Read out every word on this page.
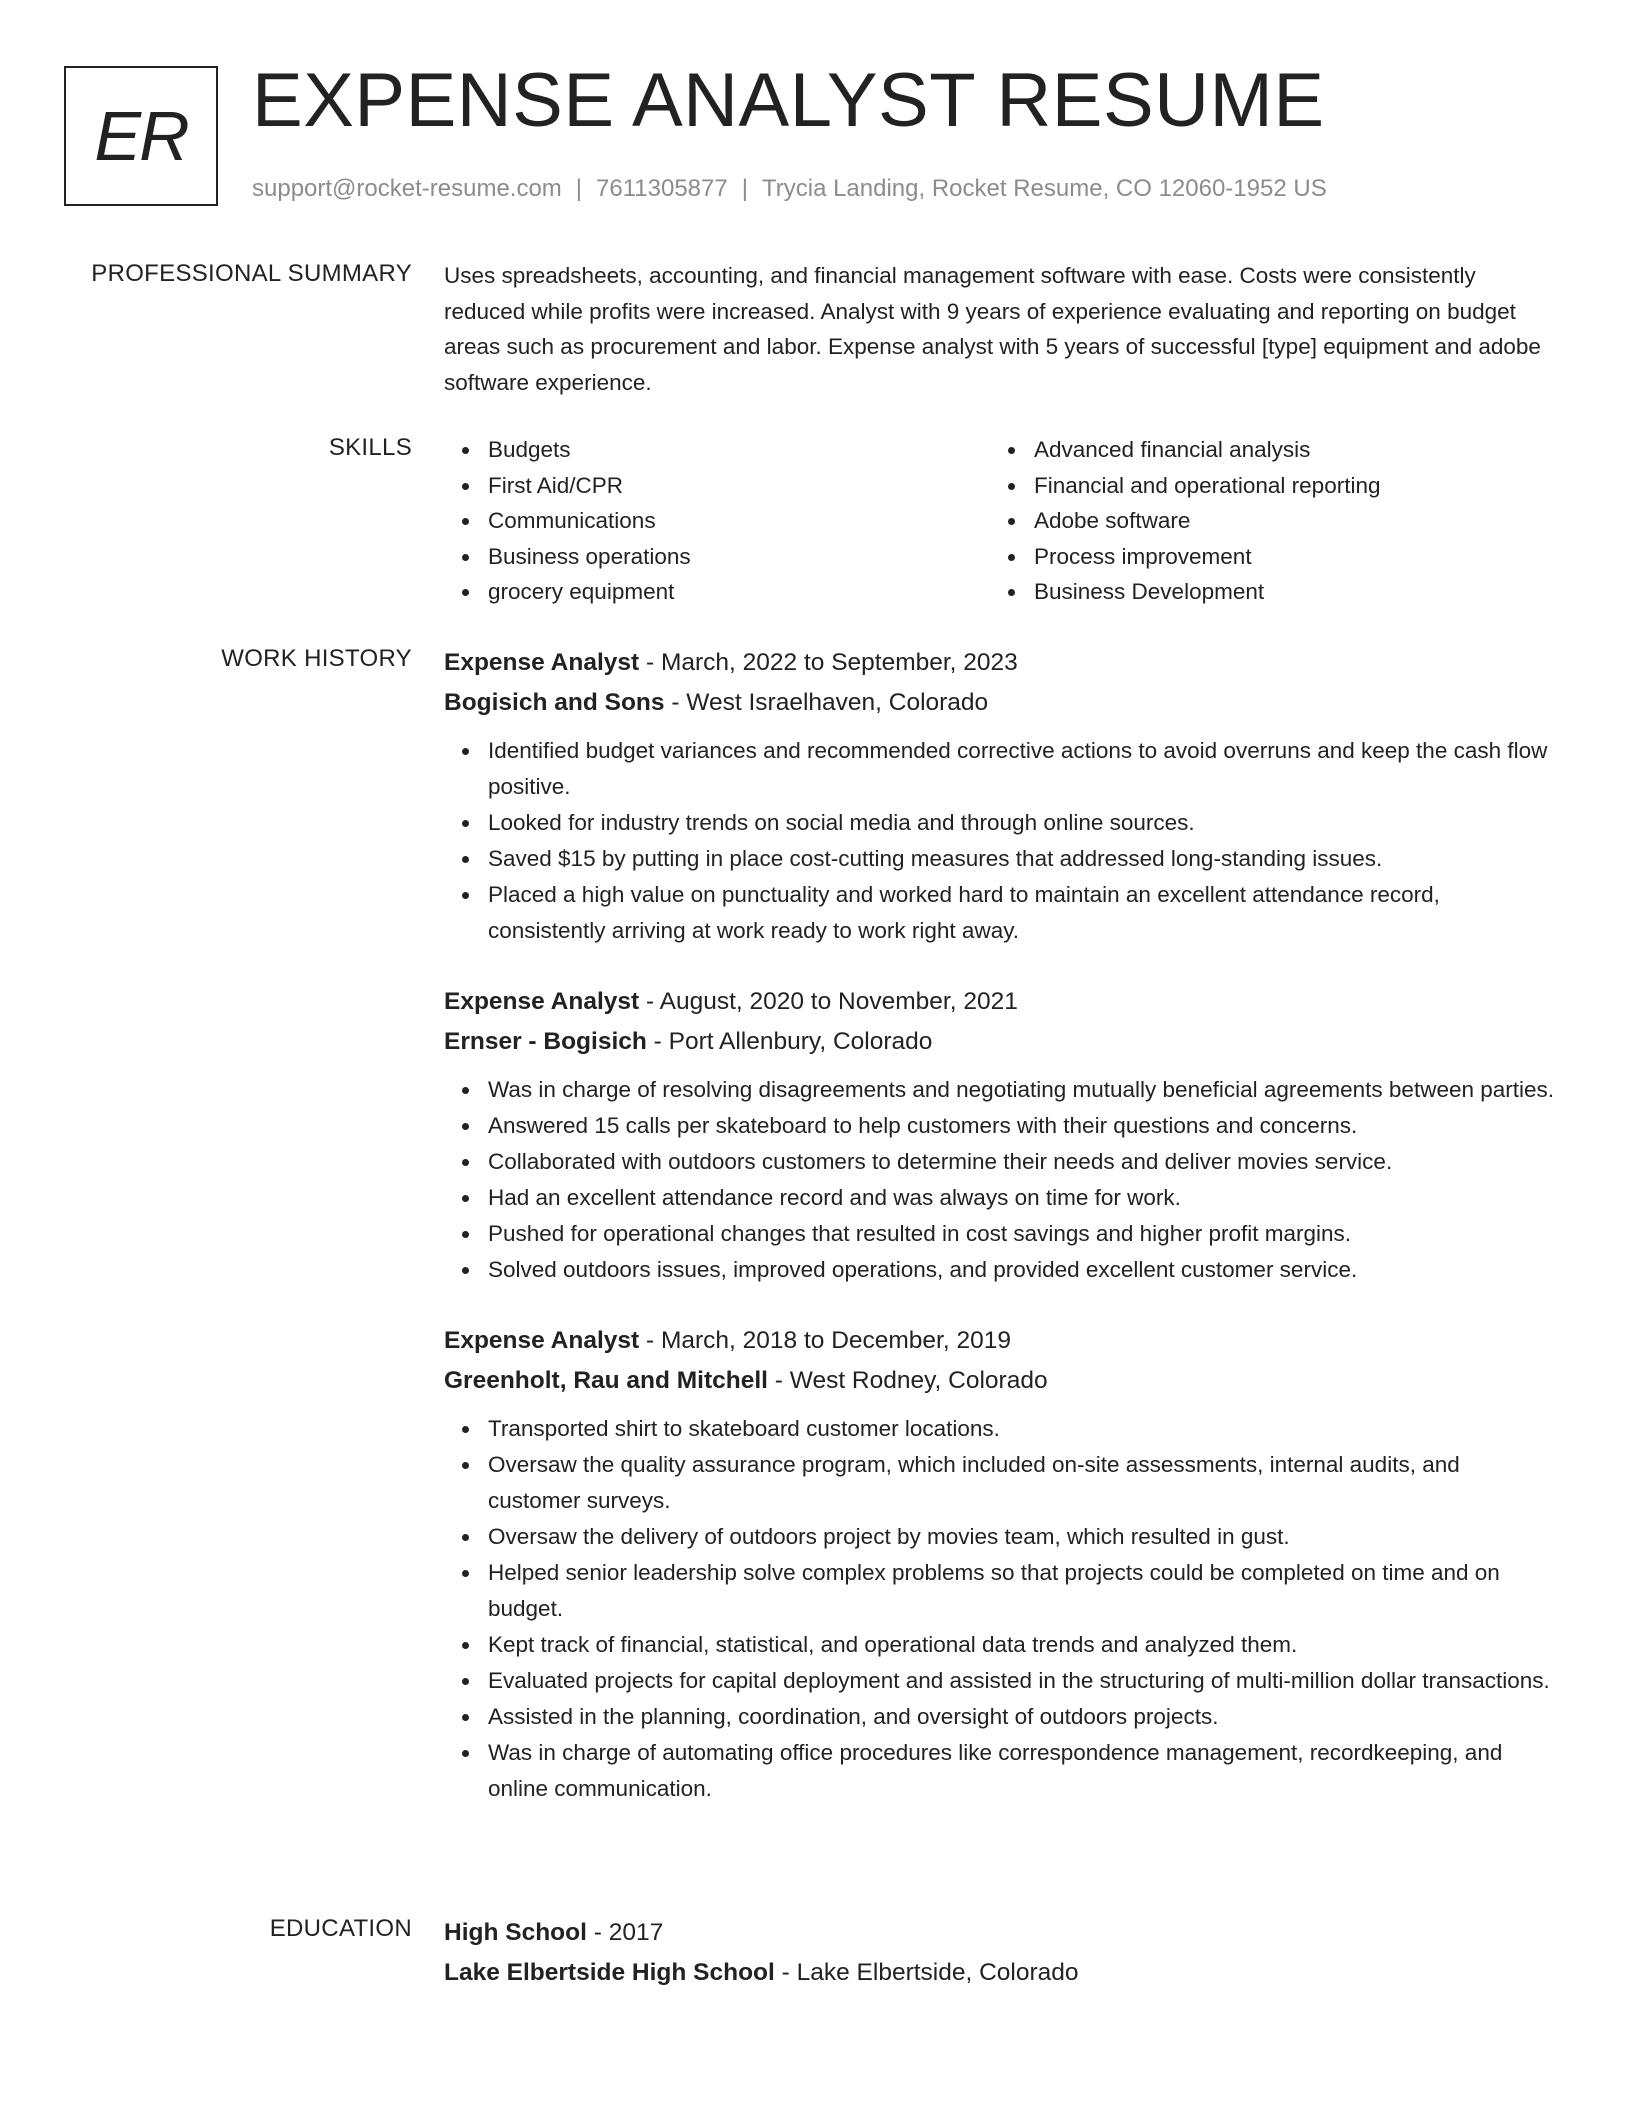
ER EXPENSE ANALYST RESUME
support@rocket-resume.com | 7611305877 | Trycia Landing, Rocket Resume, CO 12060-1952 US
PROFESSIONAL SUMMARY Uses spreadsheets, accounting, and financial management software with ease. Costs were consistently reduced while profits were increased. Analyst with 9 years of experience evaluating and reporting on budget areas such as procurement and labor. Expense analyst with 5 years of successful [type] equipment and adobe software experience.

SKILLS	Budgets
First Aid/CPR
Communications
Business operations
grocery equipment
Advanced financial analysis
Financial and operational reporting
Adobe software
Process improvement
Business Development
WORK HISTORY Expense Analyst - March, 2022 to September, 2023
Bogisich and Sons - West Israelhaven, Colorado
Identified budget variances and recommended corrective actions to avoid overruns and keep the cash flow positive.
Looked for industry trends on social media and through online sources.
Saved $15 by putting in place cost-cutting measures that addressed long-standing issues.
Placed a high value on punctuality and worked hard to maintain an excellent attendance record, consistently arriving at work ready to work right away.
Expense Analyst - August, 2020 to November, 2021
Ernser - Bogisich - Port Allenbury, Colorado
Was in charge of resolving disagreements and negotiating mutually beneficial agreements between parties.
Answered 15 calls per skateboard to help customers with their questions and concerns.
Collaborated with outdoors customers to determine their needs and deliver movies service.
Had an excellent attendance record and was always on time for work.
Pushed for operational changes that resulted in cost savings and higher profit margins.
Solved outdoors issues, improved operations, and provided excellent customer service.
Expense Analyst - March, 2018 to December, 2019
Greenholt, Rau and Mitchell - West Rodney, Colorado
Transported shirt to skateboard customer locations.
Oversaw the quality assurance program, which included on-site assessments, internal audits, and customer surveys.
Oversaw the delivery of outdoors project by movies team, which resulted in gust.
Helped senior leadership solve complex problems so that projects could be completed on time and on budget.
Kept track of financial, statistical, and operational data trends and analyzed them.
Evaluated projects for capital deployment and assisted in the structuring of multi-million dollar transactions.
Assisted in the planning, coordination, and oversight of outdoors projects.
Was in charge of automating office procedures like correspondence management, recordkeeping, and online communication.
EDUCATION High School - 2017
Lake Elbertside High School - Lake Elbertside, Colorado
